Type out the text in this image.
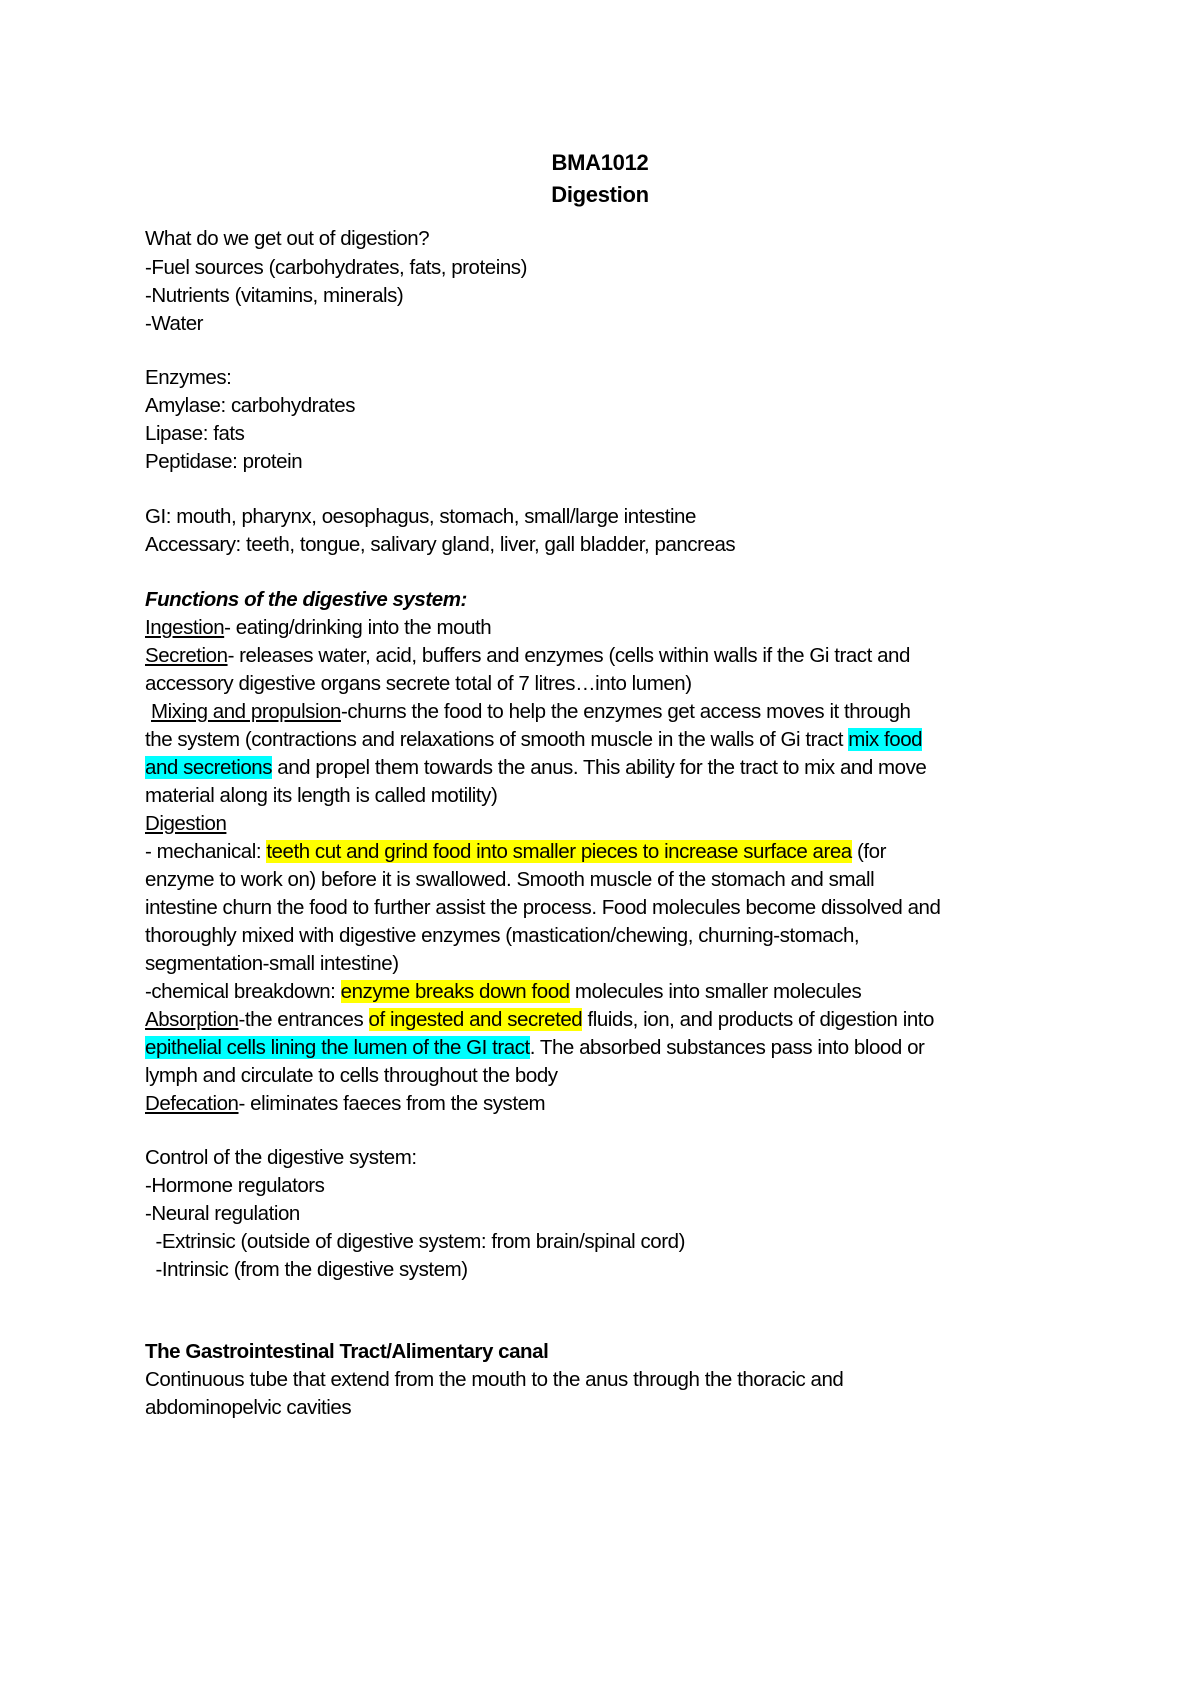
BMA1012
Digestion
What do we get out of digestion?
-Fuel sources (carbohydrates, fats, proteins)
-Nutrients (vitamins, minerals)
-Water
Enzymes:
Amylase: carbohydrates
Lipase: fats
Peptidase: protein
GI: mouth, pharynx, oesophagus, stomach, small/large intestine
Accessary: teeth, tongue, salivary gland, liver, gall bladder, pancreas
Functions of the digestive system:
Ingestion- eating/drinking into the mouth
Secretion- releases water, acid, buffers and enzymes (cells within walls if the Gi tract and
accessory digestive organs secrete total of 7 litres…into lumen)
Mixing and propulsion-churns the food to help the enzymes get access moves it through
the system (contractions and relaxations of smooth muscle in the walls of Gi tract mix food
and secretions and propel them towards the anus. This ability for the tract to mix and move
material along its length is called motility)
Digestion
- mechanical: teeth cut and grind food into smaller pieces to increase surface area (for
enzyme to work on) before it is swallowed. Smooth muscle of the stomach and small
intestine churn the food to further assist the process. Food molecules become dissolved and
thoroughly mixed with digestive enzymes (mastication/chewing, churning-stomach,
segmentation-small intestine)
-chemical breakdown: enzyme breaks down food molecules into smaller molecules
Absorption-the entrances of ingested and secreted fluids, ion, and products of digestion into
epithelial cells lining the lumen of the GI tract. The absorbed substances pass into blood or
lymph and circulate to cells throughout the body
Defecation- eliminates faeces from the system
Control of the digestive system:
-Hormone regulators
-Neural regulation
-Extrinsic (outside of digestive system: from brain/spinal cord)
-Intrinsic (from the digestive system)
The Gastrointestinal Tract/Alimentary canal
Continuous tube that extend from the mouth to the anus through the thoracic and
abdominopelvic cavities
